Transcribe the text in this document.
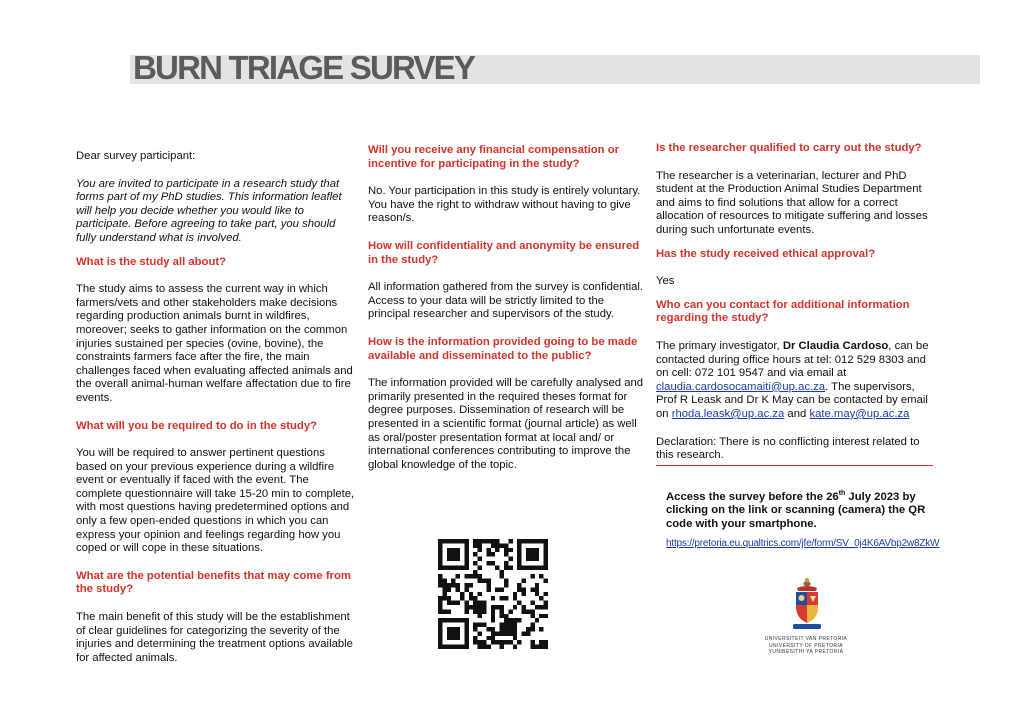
BURN TRIAGE SURVEY

Dear survey participant:

You are invited to participate in a research study that forms part of my PhD studies. This information leaflet will help you decide whether you would like to participate. Before agreeing to take part, you should fully understand what is involved.

What is the study all about?

The study aims to assess the current way in which farmers/vets and other stakeholders make decisions regarding production animals burnt in wildfires, moreover; seeks to gather information on the common injuries sustained per species (ovine, bovine), the constraints farmers face after the fire, the main challenges faced when evaluating affected animals and the overall animal-human welfare affectation due to fire events.

What will you be required to do in the study?

You will be required to answer pertinent questions based on your previous experience during a wildfire event or eventually if faced with the event. The complete questionnaire will take 15-20 min to complete, with most questions having predetermined options and only a few open-ended questions in which you can express your opinion and feelings regarding how you coped or will cope in these situations.

What are the potential benefits that may come from the study?

The main benefit of this study will be the establishment of clear guidelines for categorizing the severity of the injuries and determining the treatment options available for affected animals.

Will you receive any financial compensation or incentive for participating in the study?

No. Your participation in this study is entirely voluntary. You have the right to withdraw without having to give reason/s.

How will confidentiality and anonymity be ensured in the study?

All information gathered from the survey is confidential. Access to your data will be strictly limited to the principal researcher and supervisors of the study.

How is the information provided going to be made available and disseminated to the public?

The information provided will be carefully analysed and primarily presented in the required theses format for degree purposes. Dissemination of research will be presented in a scientific format (journal article) as well as oral/poster presentation format at local and/ or international conferences contributing to improve the global knowledge of the topic.

Is the researcher qualified to carry out the study?

The researcher is a veterinarian, lecturer and PhD student at the Production Animal Studies Department and aims to find solutions that allow for a correct allocation of resources to mitigate suffering and losses during such unfortunate events.

Has the study received ethical approval?

Yes

Who can you contact for additional information regarding the study?

The primary investigator, Dr Claudia Cardoso, can be contacted during office hours at tel: 012 529 8303 and on cell: 072 101 9547 and via email at claudia.cardosocamaiti@up.ac.za. The supervisors, Prof R Leask and Dr K May can be contacted by email on rhoda.leask@up.ac.za and kate.may@up.ac.za

Declaration: There is no conflicting interest related to this research.

Access the survey before the 26th July 2023 by clicking on the link or scanning (camera) the QR code with your smartphone.
https://pretoria.eu.qualtrics.com/jfe/form/SV_0j4K6AVbp2w8ZkW
UNIVERSITEIT VAN PRETORIA
UNIVERSITY OF PRETORIA
YUNIBESITHI YA PRETORIA
